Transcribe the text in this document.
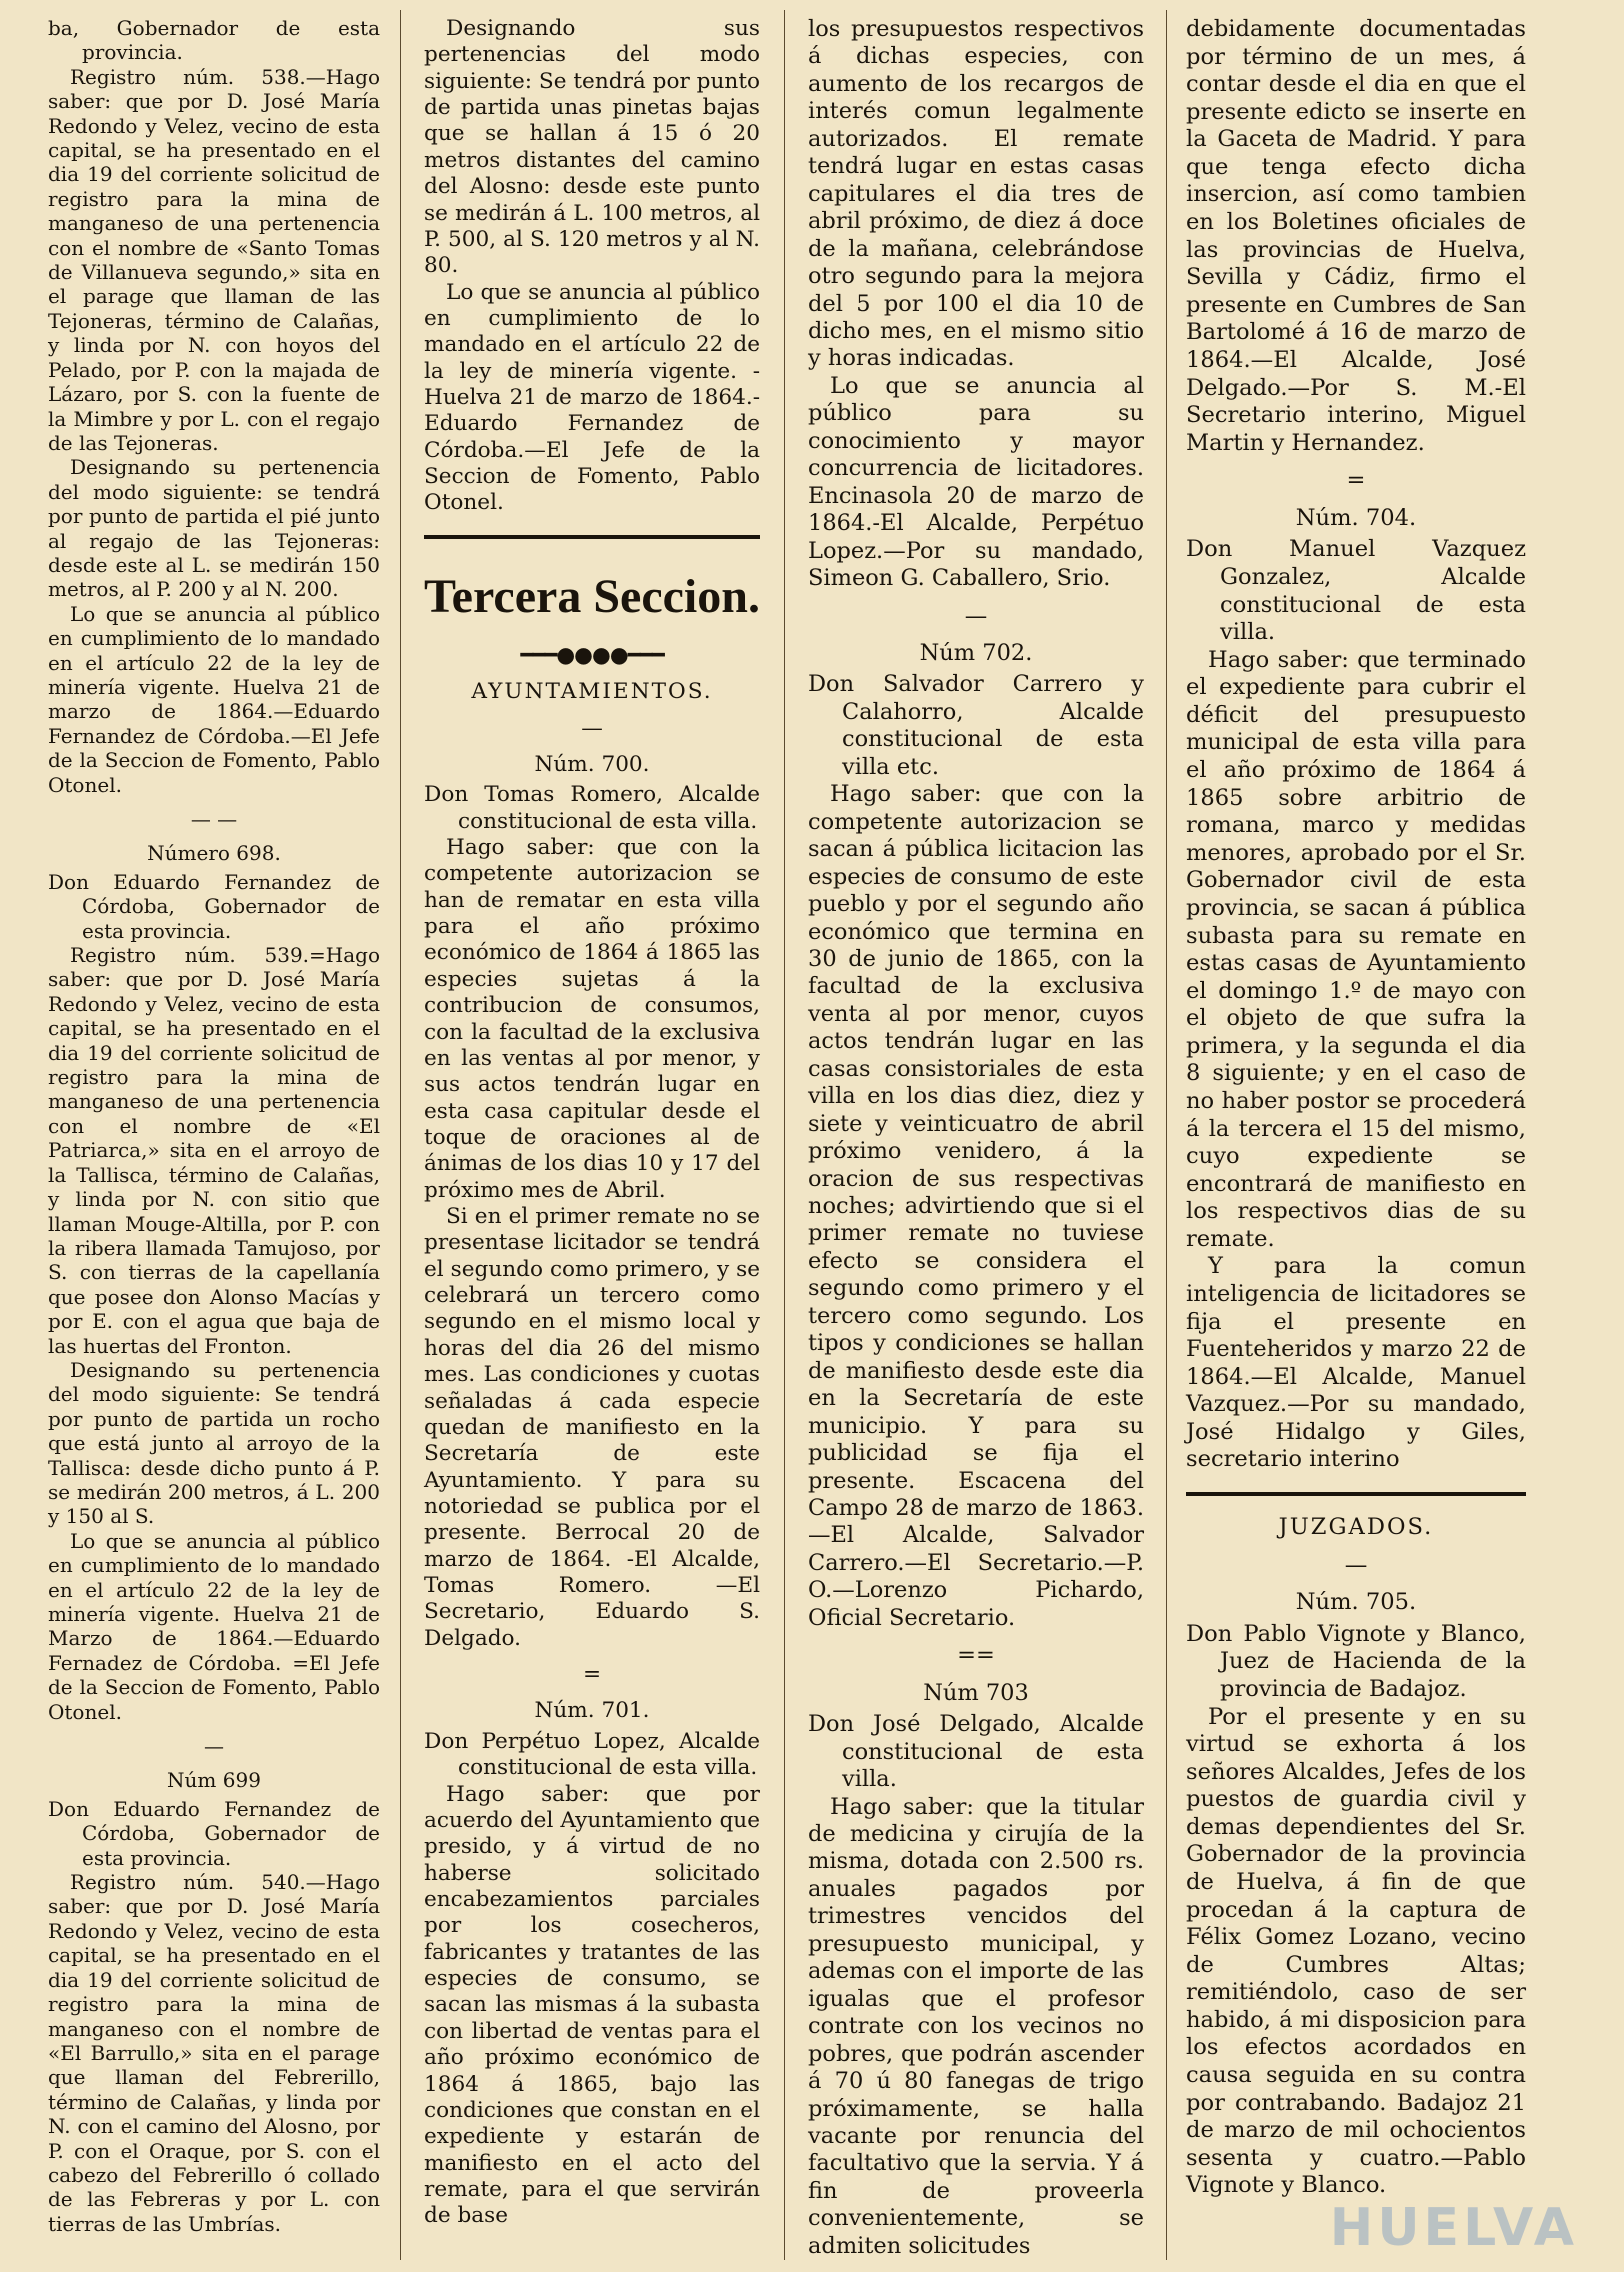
ba, Gobernador de esta provincia.

Registro núm. 538.—Hago saber: que por D. José María Redondo y Velez, vecino de esta capital, se ha presentado en el dia 19 del corriente solicitud de registro para la mina de manganeso de una pertenencia con el nombre de «Santo Tomas de Villanueva segundo,» sita en el parage que llaman de las Tejoneras, término de Calañas, y linda por N. con hoyos del Pelado, por P. con la majada de Lázaro, por S. con la fuente de la Mimbre y por L. con el regajo de las Tejoneras.

Designando su pertenencia del modo siguiente: se tendrá por punto de partida el pié junto al regajo de las Tejoneras: desde este al L. se medirán 150 metros, al P. 200 y al N. 200.

Lo que se anuncia al público en cumplimiento de lo mandado en el artículo 22 de la ley de minería vigente. Huelva 21 de marzo de 1864.—Eduardo Fernandez de Córdoba.—El Jefe de la Seccion de Fomento, Pablo Otonel.

— —

Número 698.

Don Eduardo Fernandez de Córdoba, Gobernador de esta provincia.

Registro núm. 539.=Hago saber: que por D. José María Redondo y Velez, vecino de esta capital, se ha presentado en el dia 19 del corriente solicitud de registro para la mina de manganeso de una pertenencia con el nombre de «El Patriarca,» sita en el arroyo de la Tallisca, término de Calañas, y linda por N. con sitio que llaman Mouge-Altilla, por P. con la ribera llamada Tamujoso, por S. con tierras de la capellanía que posee don Alonso Macías y por E. con el agua que baja de las huertas del Fronton.

Designando su pertenencia del modo siguiente: Se tendrá por punto de partida un rocho que está junto al arroyo de la Tallisca: desde dicho punto á P. se medirán 200 metros, á L. 200 y 150 al S.

Lo que se anuncia al público en cumplimiento de lo mandado en el artículo 22 de la ley de minería vigente. Huelva 21 de Marzo de 1864.—Eduardo Fernadez de Córdoba. =El Jefe de la Seccion de Fomento, Pablo Otonel.

—

Núm 699

Don Eduardo Fernandez de Córdoba, Gobernador de esta provincia.

Registro núm. 540.—Hago saber: que por D. José María Redondo y Velez, vecino de esta capital, se ha presentado en el dia 19 del corriente solicitud de registro para la mina de manganeso con el nombre de «El Barrullo,» sita en el parage que llaman del Febrerillo, término de Calañas, y linda por N. con el camino del Alosno, por P. con el Oraque, por S. con el cabezo del Febrerillo ó collado de las Febreras y por L. con tierras de las Umbrías.

Designando sus pertenencias del modo siguiente: Se tendrá por punto de partida unas pinetas bajas que se hallan á 15 ó 20 metros distantes del camino del Alosno: desde este punto se medirán á L. 100 metros, al P. 500, al S. 120 metros y al N. 80.

Lo que se anuncia al público en cumplimiento de lo mandado en el artículo 22 de la ley de minería vigente. -Huelva 21 de marzo de 1864.-Eduardo Fernandez de Córdoba.—El Jefe de la Seccion de Fomento, Pablo Otonel.

Tercera Seccion.

━━━●●●●━━━

AYUNTAMIENTOS.

—

Núm. 700.

Don Tomas Romero, Alcalde constitucional de esta villa.

Hago saber: que con la competente autorizacion se han de rematar en esta villa para el año próximo económico de 1864 á 1865 las especies sujetas á la contribucion de consumos, con la facultad de la exclusiva en las ventas al por menor, y sus actos tendrán lugar en esta casa capitular desde el toque de oraciones al de ánimas de los dias 10 y 17 del próximo mes de Abril.

Si en el primer remate no se presentase licitador se tendrá el segundo como primero, y se celebrará un tercero como segundo en el mismo local y horas del dia 26 del mismo mes. Las condiciones y cuotas señaladas á cada especie quedan de manifiesto en la Secretaría de este Ayuntamiento. Y para su notoriedad se publica por el presente. Berrocal 20 de marzo de 1864. -El Alcalde, Tomas Romero. —El Secretario, Eduardo S. Delgado.

=

Núm. 701.

Don Perpétuo Lopez, Alcalde constitucional de esta villa.

Hago saber: que por acuerdo del Ayuntamiento que presido, y á virtud de no haberse solicitado encabezamientos parciales por los cosecheros, fabricantes y tratantes de las especies de consumo, se sacan las mismas á la subasta con libertad de ventas para el año próximo económico de 1864 á 1865, bajo las condiciones que constan en el expediente y estarán de manifiesto en el acto del remate, para el que servirán de base

los presupuestos respectivos á dichas especies, con aumento de los recargos de interés comun legalmente autorizados. El remate tendrá lugar en estas casas capitulares el dia tres de abril próximo, de diez á doce de la mañana, celebrándose otro segundo para la mejora del 5 por 100 el dia 10 de dicho mes, en el mismo sitio y horas indicadas.

Lo que se anuncia al público para su conocimiento y mayor concurrencia de licitadores. Encinasola 20 de marzo de 1864.-El Alcalde, Perpétuo Lopez.—Por su mandado, Simeon G. Caballero, Srio.

—

Núm 702.

Don Salvador Carrero y Calahorro, Alcalde constitucional de esta villa etc.

Hago saber: que con la competente autorizacion se sacan á pública licitacion las especies de consumo de este pueblo y por el segundo año económico que termina en 30 de junio de 1865, con la facultad de la exclusiva venta al por menor, cuyos actos tendrán lugar en las casas consistoriales de esta villa en los dias diez, diez y siete y veinticuatro de abril próximo venidero, á la oracion de sus respectivas noches; advirtiendo que si el primer remate no tuviese efecto se considera el segundo como primero y el tercero como segundo. Los tipos y condiciones se hallan de manifiesto desde este dia en la Secretaría de este municipio. Y para su publicidad se fija el presente. Escacena del Campo 28 de marzo de 1863.—El Alcalde, Salvador Carrero.—El Secretario.—P. O.—Lorenzo Pichardo, Oficial Secretario.

==

Núm 703

Don José Delgado, Alcalde constitucional de esta villa.

Hago saber: que la titular de medicina y cirujía de la misma, dotada con 2.500 rs. anuales pagados por trimestres vencidos del presupuesto municipal, y ademas con el importe de las igualas que el profesor contrate con los vecinos no pobres, que podrán ascender á 70 ú 80 fanegas de trigo próximamente, se halla vacante por renuncia del facultativo que la servia. Y á fin de proveerla convenientemente, se admiten solicitudes

debidamente documentadas por término de un mes, á contar desde el dia en que el presente edicto se inserte en la Gaceta de Madrid. Y para que tenga efecto dicha insercion, así como tambien en los Boletines oficiales de las provincias de Huelva, Sevilla y Cádiz, firmo el presente en Cumbres de San Bartolomé á 16 de marzo de 1864.—El Alcalde, José Delgado.—Por S. M.-El Secretario interino, Miguel Martin y Hernandez.

=

Núm. 704.

Don Manuel Vazquez Gonzalez, Alcalde constitucional de esta villa.

Hago saber: que terminado el expediente para cubrir el déficit del presupuesto municipal de esta villa para el año próximo de 1864 á 1865 sobre arbitrio de romana, marco y medidas menores, aprobado por el Sr. Gobernador civil de esta provincia, se sacan á pública subasta para su remate en estas casas de Ayuntamiento el domingo 1.º de mayo con el objeto de que sufra la primera, y la segunda el dia 8 siguiente; y en el caso de no haber postor se procederá á la tercera el 15 del mismo, cuyo expediente se encontrará de manifiesto en los respectivos dias de su remate.

Y para la comun inteligencia de licitadores se fija el presente en Fuenteheridos y marzo 22 de 1864.—El Alcalde, Manuel Vazquez.—Por su mandado, José Hidalgo y Giles, secretario interino

JUZGADOS.

—

Núm. 705.

Don Pablo Vignote y Blanco, Juez de Hacienda de la provincia de Badajoz.

Por el presente y en su virtud se exhorta á los señores Alcaldes, Jefes de los puestos de guardia civil y demas dependientes del Sr. Gobernador de la provincia de Huelva, á fin de que procedan á la captura de Félix Gomez Lozano, vecino de Cumbres Altas; remitiéndolo, caso de ser habido, á mi disposicion para los efectos acordados en causa seguida en su contra por contrabando. Badajoz 21 de marzo de mil ochocientos sesenta y cuatro.—Pablo Vignote y Blanco.

HUELVA
